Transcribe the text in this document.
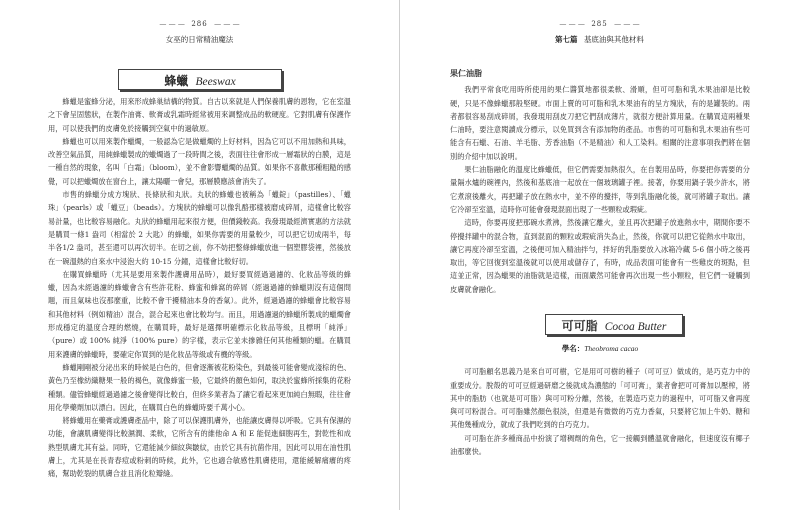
— — — 286 — — —
女巫的日常精油魔法
蜂蠟 Beeswax

蜂蠟是蜜蜂分泌，用來形成蜂巢結構的物質。自古以來就是人們保養肌膚的恩物，它在室溫之下會呈固態狀，在製作油膏、軟膏或乳霜時經常被用來調整成品的軟硬度。它對肌膚有保護作用，可以使我們的皮膚免於接觸到空氣中的過敏原。

蜂蠟也可以用來製作蠟燭，一般認為它是做蠟燭的上好材料，因為它可以不用加熱和具味，改善空氣品質，用純蜂蠟製成的蠟燭過了一段時間之後，表面往往會形成一層霜狀的白膜，這是一種自然的現象，名叫「白霜」（bloom），並不會影響蠟燭的品質。如果你不喜歡那種粗糙的感覺，可以把蠟燭放在窗台上，讓太陽曬一會兒，那層膜應該會消失了。

市售的蜂蠟分成方塊狀、長條狀和丸狀。丸狀的蜂蠟也被稱為「蠟錠」（pastilles）、「蠟珠」（pearls）或「蠟豆」（beads）。方塊狀的蜂蠟可以像乳酪那樣被磨成碎屑，這樣會比較容易計量，也比較容易融化。丸狀的蜂蠟用起來很方便，但價錢較高。我發現最經濟實惠的方法就是購買一條1 盎司（相當於 2 大匙）的蜂蠟，如果你需要的用量較少，可以把它切成兩半，每半各1/2 盎司，甚至還可以再次切半。在切之前，你不妨把整條蜂蠟放進一個塑膠袋裡，然後放在一碗溫熱的自來水中浸泡大約 10-15 分鐘，這樣會比較好切。

在購買蜂蠟時（尤其是要用來製作護膚用品時），最好要買經過過濾的、化妝品等級的蜂蠟，因為未經過濾的蜂蠟會含有些許花粉、蜂蜜和蜂窩的碎屑（經過過濾的蜂蠟則沒有這個問題，而且氣味也沒那麼重，比較不會干擾精油本身的香氣）。此外，經過過濾的蜂蠟會比較容易和其他材料（例如精油）混合，混合起來也會比較均勻。而且，用過濾過的蜂蠟所製成的蠟燭會形成穩定的溫度合理的燃燒，在購買時，最好是選擇明確標示化妝品等級，且標明「純淨」（pure）或 100% 純淨（100% pure）的字樣，表示它並未摻雜任何其他種類的蠟。在購買用來護膚的蜂蠟時，要確定你買到的是化妝品等級或有機的等級。

蜂蠟剛剛被分泌出來的時候是白色的，但會逐漸被花粉染色，到最後可能會變成淺棕的色、黃色乃至橡紡織糖果一般的褐色，就像蜂蜜一般，它最終的顏色如何，取決於蜜蜂所採集的花粉種類。儘管蜂蠟經過過濾之後會變得比較白，但終多業者為了讓它看起來更加純白無暇，往往會用化學藥劑加以漂白。因此，在購買白色的蜂蠟時要千萬小心。

將蜂蠟用在藥膏或護膚產品中，除了可以保護肌膚外，也能讓皮膚得以呼吸。它具有保濕的功能，會讓肌膚變得比較濕潤、柔軟，它所含有的維他命 A 和 E 能促進細胞再生，對乾性和成熟型肌膚尤其有益。同時，它還能減少細紋與皺紋，由於它具有抗菌作用，因此可以用在油性肌膚上，尤其是在長青春痘或粉刺的時候，此外，它也適合敏感性肌膚使用，還能緩解痛癢的疼痛，幫助乾裂的肌膚合並且消化粒瓣縫。

— — — 285 — — —
第七篇 基底油與其他材料
果仁油脂

我們平常食吃用時所使用的果仁醬質地都很柔軟、滑順，但可可脂和乳木果油卻是比較硬，只是不像蜂蠟那般堅硬。市面上賣的可可脂和乳木果油有的呈方塊狀，有的是罐裝的。兩者都很容易刮成碎屑，我發現用刮皮刀把它們刮成薄片，就很方便計算用量。在購買這兩種果仁油時，要注意閱讀成分標示，以免買到含有添加物的產品。市售的可可脂和乳木果油有些可能含有石蠟、石油、羊毛脂、芳香油脂（不是精油）和人工染料。相關的注意事項我們將在個別的介紹中加以說明。

果仁油脂融化的溫度比蜂蠟低，但它們需要加熱很久，在自製用品時，你要把你需要的分量隔水爐的碗裡內，然後和基底油一起放在一個玻璃罐子裡。接著，你要用鍋子裝少許水，將它煮滾後離火，再把罐子放在熱水中，並不停的攪拌，等到乳脂融化後，就可將罐子取出。讓它冷卻至室溫，這時你可能會發現混面出現了一些顆粒或瑕疵。

這時，你要再度把那碗水煮沸，然後讓它離火，並且再次把罐子放進熱水中，期間你要不停攪拌罐中的混合物，直到混面的顆粒或瑕疵消失為止，然後，你就可以把它從熱水中取出，讓它再度冷卻至室溫，之後便可加入精油拌勻，拌好的乳脂要放入冰箱冷藏 5-6 個小時之後再取出，等它回復到室溫後就可以使用或儲存了，有時，成品表面可能會有一些雞皮的斑點，但這並正常，因為蠟果的油脂就是這樣，而面嚴然可能會再次出現一些小顆粒，但它們一碰觸到皮膚就會融化。

可可脂 Cocoa Butter
學名：Theobroma cacao

可可脂顧名思義乃是來自可可樹，它是用可可樹的種子（可可豆）做成的，是巧克力中的重要成分。脫殼的可可豆經過研磨之後就成為濃態的「可可膏」，業者會把可可膏加以壓榨，將其中的脂肪（也就是可可脂）與可可粉分離，然後，在製造巧克力的過程中，可可脂又會再度與可可粉混合。可可脂雖然顏色很淡，但還是有微微的巧克力香氣，只要將它加上牛奶、糖和其他幾種成分，就成了我們吃到的白巧克力。

可可脂在許多種商品中扮演了增稠劑的角色，它一接觸到體溫就會融化，但速度沒有椰子油那麼快。
